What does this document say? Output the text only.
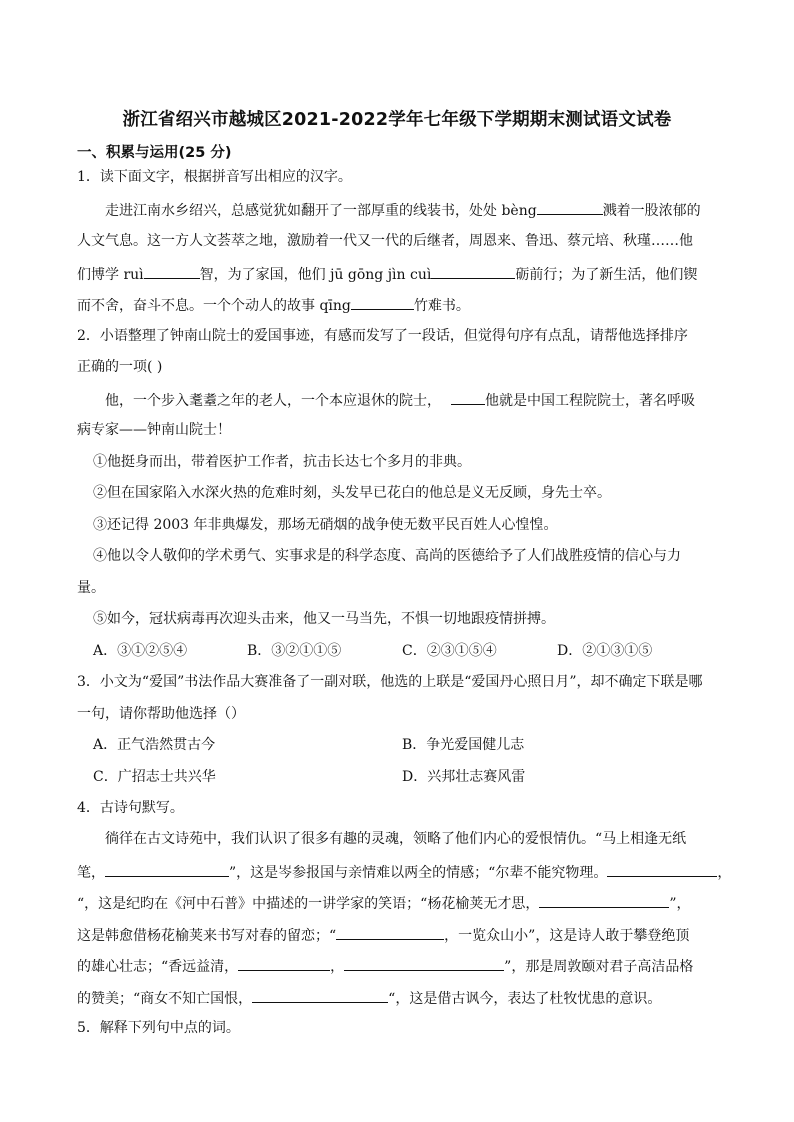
浙江省绍兴市越城区2021-2022学年七年级下学期期末测试语文试卷
一、积累与运用(25 分)
1．读下面文字，根据拼音写出相应的汉字。
走进江南水乡绍兴，总感觉犹如翻开了一部厚重的线装书，处处 bèng	溅着一股浓郁的
人文气息。这一方人文荟萃之地，激励着一代又一代的后继者，周恩来、鲁迅、蔡元培、秋瑾……他
们博学 ruì	智，为了家国，他们 jū gōng jìn cuì	砺前行；为了新生活，他们锲
而不舍，奋斗不息。一个个动人的故事 qīng	竹难书。
2．小语整理了钟南山院士的爱国事迹，有感而发写了一段话，但觉得句序有点乱，请帮他选择排序
正确的一项( )
他，一个步入耄耋之年的老人，一个本应退休的院士，	他就是中国工程院院士，著名呼吸
病专家——钟南山院士！
①他挺身而出，带着医护工作者，抗击长达七个多月的非典。
②但在国家陷入水深火热的危难时刻，头发早已花白的他总是义无反顾，身先士卒。
③还记得 2003 年非典爆发，那场无硝烟的战争使无数平民百姓人心惶惶。
④他以令人敬仰的学术勇气、实事求是的科学态度、高尚的医德给予了人们战胜疫情的信心与力
量。
⑤如今，冠状病毒再次迎头击来，他又一马当先，不惧一切地跟疫情拼搏。
A．③①②⑤④	B．③②①①⑤	C．②③①⑤④	D．②①③①⑤
3．小文为“爱国”书法作品大赛准备了一副对联，他选的上联是“爱国丹心照日月”，却不确定下联是哪
一句，请你帮助他选择（）
A．正气浩然贯古今	B．争光爱国健儿志
C．广招志士共兴华	D．兴邦壮志赛风雷
4．古诗句默写。
徜徉在古文诗苑中，我们认识了很多有趣的灵魂，领略了他们内心的爱恨情仇。“马上相逢无纸
笔，	”，这是岑参报国与亲情难以两全的情感；“尔辈不能究物理。	，
“，这是纪昀在《河中石普》中描述的一讲学家的笑语；“杨花榆荚无才思，	”，
这是韩愈借杨花榆荚来书写对春的留恋；“	，一览众山小”，这是诗人敢于攀登绝顶
的雄心壮志；“香远益清，	，	”，那是周敦颐对君子高洁品格
的赞美；“商女不知亡国恨，	“，这是借古讽今，表达了杜牧忧患的意识。
5．解释下列句中点的词。
